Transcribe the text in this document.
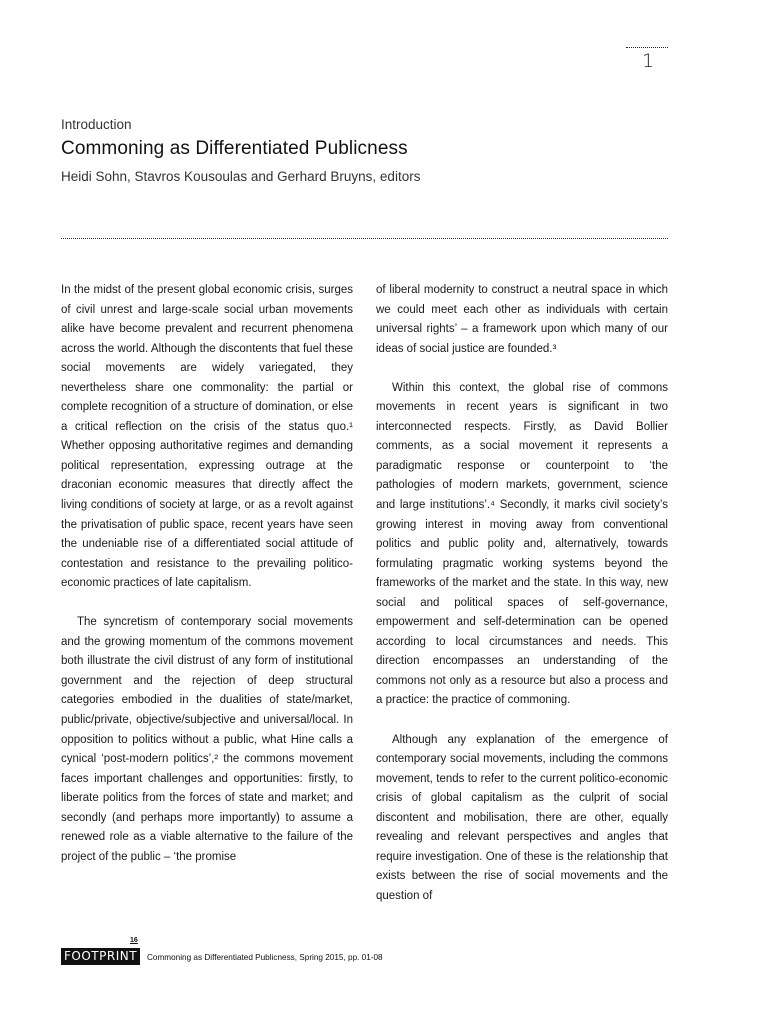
1
Introduction
Commoning as Differentiated Publicness
Heidi Sohn, Stavros Kousoulas and Gerhard Bruyns, editors

In the midst of the present global economic crisis, surges of civil unrest and large-scale social urban movements alike have become prevalent and recurrent phenomena across the world. Although the discontents that fuel these social movements are widely variegated, they nevertheless share one commonality: the partial or complete recognition of a structure of domination, or else a critical reflection on the crisis of the status quo.¹ Whether opposing authoritative regimes and demanding political representation, expressing outrage at the draconian economic measures that directly affect the living conditions of society at large, or as a revolt against the privatisation of public space, recent years have seen the undeniable rise of a differentiated social attitude of contestation and resistance to the prevailing politico-economic practices of late capitalism.

The syncretism of contemporary social movements and the growing momentum of the commons movement both illustrate the civil distrust of any form of institutional government and the rejection of deep structural categories embodied in the dualities of state/market, public/private, objective/subjective and universal/local. In opposition to politics without a public, what Hine calls a cynical ‘post-modern politics’,² the commons movement faces important challenges and opportunities: firstly, to liberate politics from the forces of state and market; and secondly (and perhaps more importantly) to assume a renewed role as a viable alternative to the failure of the project of the public – ‘the promise

of liberal modernity to construct a neutral space in which we could meet each other as individuals with certain universal rights’ – a framework upon which many of our ideas of social justice are founded.³

Within this context, the global rise of commons movements in recent years is significant in two interconnected respects. Firstly, as David Bollier comments, as a social movement it represents a paradigmatic response or counterpoint to ‘the pathologies of modern markets, government, science and large institutions’.⁴ Secondly, it marks civil society’s growing interest in moving away from conventional politics and public polity and, alternatively, towards formulating pragmatic working systems beyond the frameworks of the market and the state. In this way, new social and political spaces of self-governance, empowerment and self-determination can be opened according to local circumstances and needs. This direction encompasses an understanding of the commons not only as a resource but also a process and a practice: the practice of commoning.

Although any explanation of the emergence of contemporary social movements, including the commons movement, tends to refer to the current politico-economic crisis of global capitalism as the culprit of social discontent and mobilisation, there are other, equally revealing and relevant perspectives and angles that require investigation. One of these is the relationship that exists between the rise of social movements and the question of

16
FOOTPRINT	Commoning as Differentiated Publicness, Spring 2015, pp. 01-08
